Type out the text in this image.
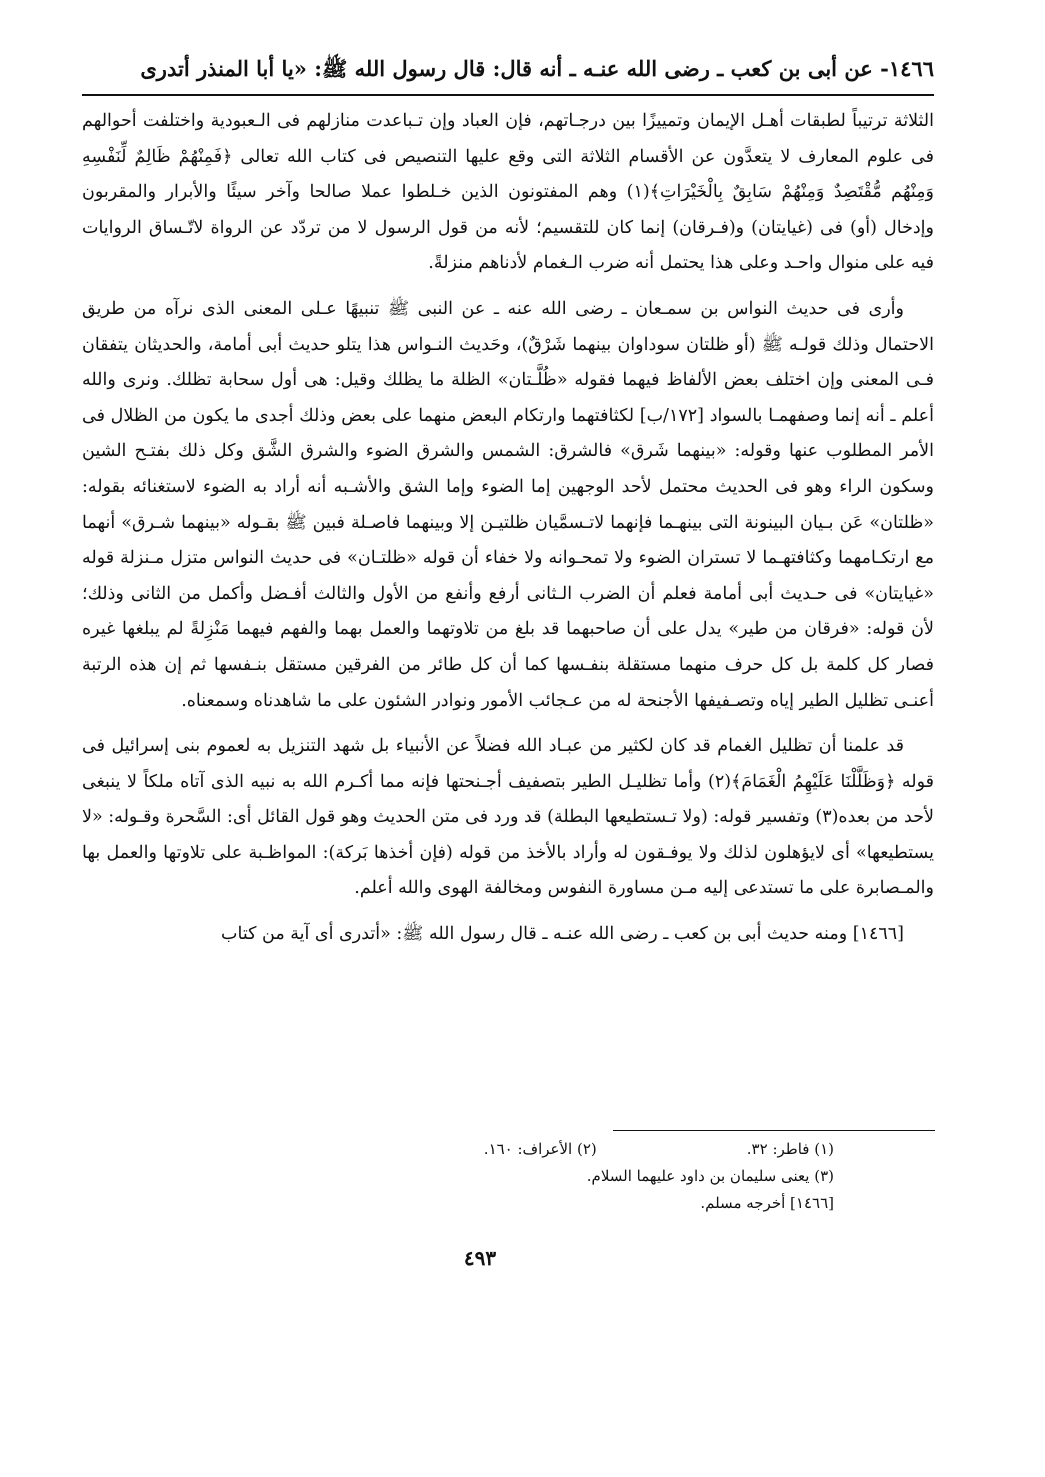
١٤٦٦- عن أبى بن كعب ـ رضى الله عنـه ـ أنه قال: قال رسول الله ﷺ: «يا أبا المنذر أتدرى

الثلاثة ترتيباً لطبقات أهـل الإيمان وتمييزًا بين درجـاتهم، فإن العباد وإن تـباعدت منازلهم فى الـعبودية واختلفت أحوالهم فى علوم المعارف لا يتعدَّون عن الأقسام الثلاثة التى وقع عليها التنصيص فى كتاب الله تعالى ﴿فَمِنْهُمْ ظَالِمٌ لِّنَفْسِهِ وَمِنْهُم مُّقْتَصِدٌ وَمِنْهُمْ سَابِقٌ بِالْخَيْرَاتِ﴾(١) وهم المفتونون الذين خـلطوا عملا صالحا وآخر سيئًا والأبرار والمقربون وإدخال (أو) فى (غيايتان) و(فـرقان) إنما كان للتقسيم؛ لأنه من قول الرسول لا من تردّد عن الرواة لاتّـساق الروايات فيه على منوال واحـد وعلى هذا يحتمل أنه ضرب الـغمام لأدناهم منزلةً.

وأرى فى حديث النواس بن سمـعان ـ رضى الله عنه ـ عن النبى ﷺ تنبيهًا عـلى المعنى الذى نرآه من طريق الاحتمال وذلك قولـه ﷺ (أو ظلتان سوداوان بينهما شَرْقٌ)، وحَديث النـواس هذا يتلو حديث أبى أمامة، والحديثان يتفقان فـى المعنى وإن اختلف بعض الألفاظ فيهما فقوله «ظُلَّـتان» الظلة ما يظلك وقيل: هى أول سحابة تظلك. ونرى والله أعلم ـ أنه إنما وصفهمـا بالسواد [١٧٢/ب] لكثافتهما وارتكام البعض منهما على بعض وذلك أجدى ما يكون من الظلال فى الأمر المطلوب عنها وقوله: «بينهما شَرق» فالشرق: الشمس والشرق الضوء والشرق الشَّق وكل ذلك بفتـح الشين وسكون الراء وهو فى الحديث محتمل لأحد الوجهين إما الضوء وإما الشق والأشـبه أنه أراد به الضوء لاستغنائه بقوله: «ظلتان» عَن بـيان البينونة التى بينهـما فإنهما لاتـسمَّيان ظلتيـن إلا وبينهما فاصـلة فبين ﷺ بقـوله «بينهما شـرق» أنهما مع ارتكـامهما وكثافتهـما لا تستران الضوء ولا تمحـوانه ولا خفاء أن قوله «ظلتـان» فى حديث النواس متزل مـنزلة قوله «غيايتان» فى حـديث أبى أمامة فعلم أن الضرب الـثانى أرفع وأنفع من الأول والثالث أفـضل وأكمل من الثانى وذلك؛ لأن قوله: «فرقان من طير» يدل على أن صاحبهما قد بلغ من تلاوتهما والعمل بهما والفهم فيهما مَنْزِلةً لم يبلغها غيره فصار كل كلمة بل كل حرف منهما مستقلة بنفـسها كما أن كل طائر من الفرقين مستقل بنـفسها ثم إن هذه الرتبة أعنـى تظليل الطير إياه وتصـفيفها الأجنحة له من عـجائب الأمور ونوادر الشئون على ما شاهدناه وسمعناه.

قد علمنا أن تظليل الغمام قد كان لكثير من عبـاد الله فضلاً عن الأنبياء بل شهد التنزيل به لعموم بنى إسرائيل فى قوله ﴿وَظَلَّلْنَا عَلَيْهِمُ الْغَمَامَ﴾(٢) وأما تظليـل الطير بتصفيف أجـنحتها فإنه مما أكـرم الله به نبيه الذى آتاه ملكاً لا ينبغى لأحد من بعده(٣) وتفسير قوله: (ولا تـستطيعها البطلة) قد ورد فى متن الحديث وهو قول القائل أى: السَّحرة وقـوله: «لا يستطيعها» أى لايؤهلون لذلك ولا يوفـقون له وأراد بالأخذ من قوله (فإن أخذها بَركة): المواظـبة على تلاوتها والعمل بها والمـصابرة على ما تستدعى إليه مـن مساورة النفوس ومخالفة الهوى والله أعلم.

[١٤٦٦] ومنه حديث أبى بن كعب ـ رضى الله عنـه ـ قال رسول الله ﷺ: «أتدرى أى آية من كتاب

(١) فاطر: ٣٢.(٢) الأعراف: ١٦٠.
(٣) يعنى سليمان بن داود عليهما السلام.
[١٤٦٦] أخرجه مسلم.
٤٩٣
